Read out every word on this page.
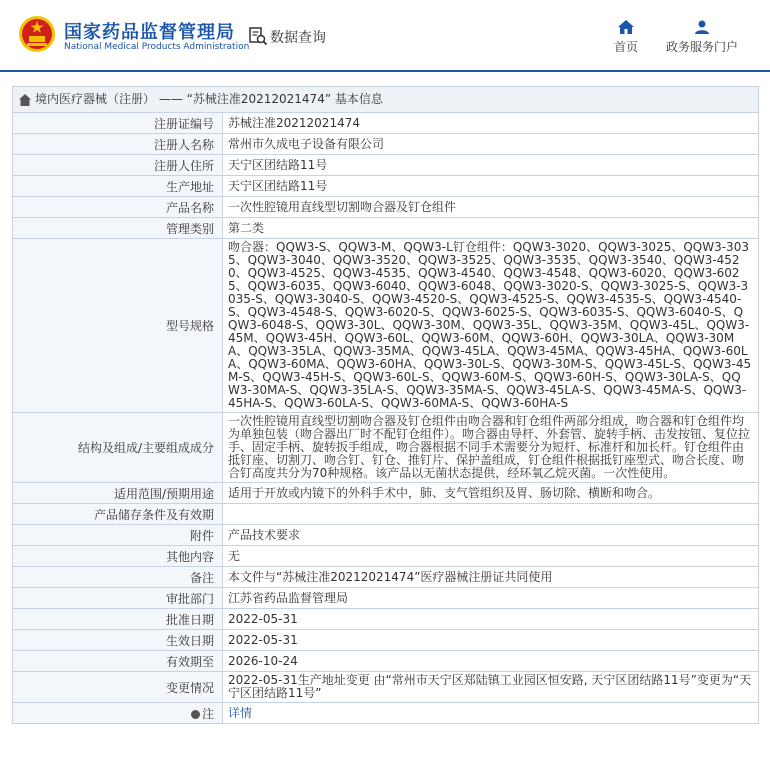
国家药品监督管理局
National Medical Products Administration
数据查询
首页 政务服务门户
境内医疗器械（注册） —— “苏械注准20212021474” 基本信息
注册证编号	苏械注准20212021474
注册人名称	常州市久成电子设备有限公司
注册人住所	天宁区团结路11号
生产地址	天宁区团结路11号
产品名称	一次性腔镜用直线型切割吻合器及钉仓组件
管理类别	第二类
型号规格	吻合器：QQW3-S、QQW3-M、QQW3-L钉仓组件：QQW3-3020、QQW3-3025、QQW3-3035、QQW3-3040、QQW3-3520、QQW3-3525、QQW3-3535、QQW3-3540、QQW3-4520、QQW3-4525、QQW3-4535、QQW3-4540、QQW3-4548、QQW3-6020、QQW3-6025、QQW3-6035、QQW3-6040、QQW3-6048、QQW3-3020-S、QQW3-3025-S、QQW3-3035-S、QQW3-3040-S、QQW3-4520-S、QQW3-4525-S、QQW3-4535-S、QQW3-4540-S、QQW3-4548-S、QQW3-6020-S、QQW3-6025-S、QQW3-6035-S、QQW3-6040-S、QQW3-6048-S、QQW3-30L、QQW3-30M、QQW3-35L、QQW3-35M、QQW3-45L、QQW3-45M、QQW3-45H、QQW3-60L、QQW3-60M、QQW3-60H、QQW3-30LA、QQW3-30MA、QQW3-35LA、QQW3-35MA、QQW3-45LA、QQW3-45MA、QQW3-45HA、QQW3-60LA、QQW3-60MA、QQW3-60HA、QQW3-30L-S、QQW3-30M-S、QQW3-45L-S、QQW3-45M-S、QQW3-45H-S、QQW3-60L-S、QQW3-60M-S、QQW3-60H-S、QQW3-30LA-S、QQW3-30MA-S、QQW3-35LA-S、QQW3-35MA-S、QQW3-45LA-S、QQW3-45MA-S、QQW3-45HA-S、QQW3-60LA-S、QQW3-60MA-S、QQW3-60HA-S
结构及组成/主要组成成分	一次性腔镜用直线型切割吻合器及钉仓组件由吻合器和钉仓组件两部分组成，吻合器和钉仓组件均为单独包装（吻合器出厂时不配钉仓组件）。吻合器由导杆、外套管、旋转手柄、击发按钮、复位拉手、固定手柄、旋转扳手组成，吻合器根据不同手术需要分为短杆、标准杆和加长杆。钉仓组件由抵钉座、切割刀、吻合钉、钉仓、推钉片、保护盖组成，钉仓组件根据抵钉座型式、吻合长度、吻合钉高度共分为70种规格。该产品以无菌状态提供，经环氧乙烷灭菌。一次性使用。
适用范围/预期用途	适用于开放或内镜下的外科手术中，肺、支气管组织及胃、肠切除、横断和吻合。
产品储存条件及有效期	
附件	产品技术要求
其他内容	无
备注	本文件与“苏械注准20212021474”医疗器械注册证共同使用
审批部门	江苏省药品监督管理局
批准日期	2022-05-31
生效日期	2022-05-31
有效期至	2026-10-24
变更情况	2022-05-31生产地址变更 由“常州市天宁区郑陆镇工业园区恒安路, 天宁区团结路11号”变更为“天宁区团结路11号”
注	详情
